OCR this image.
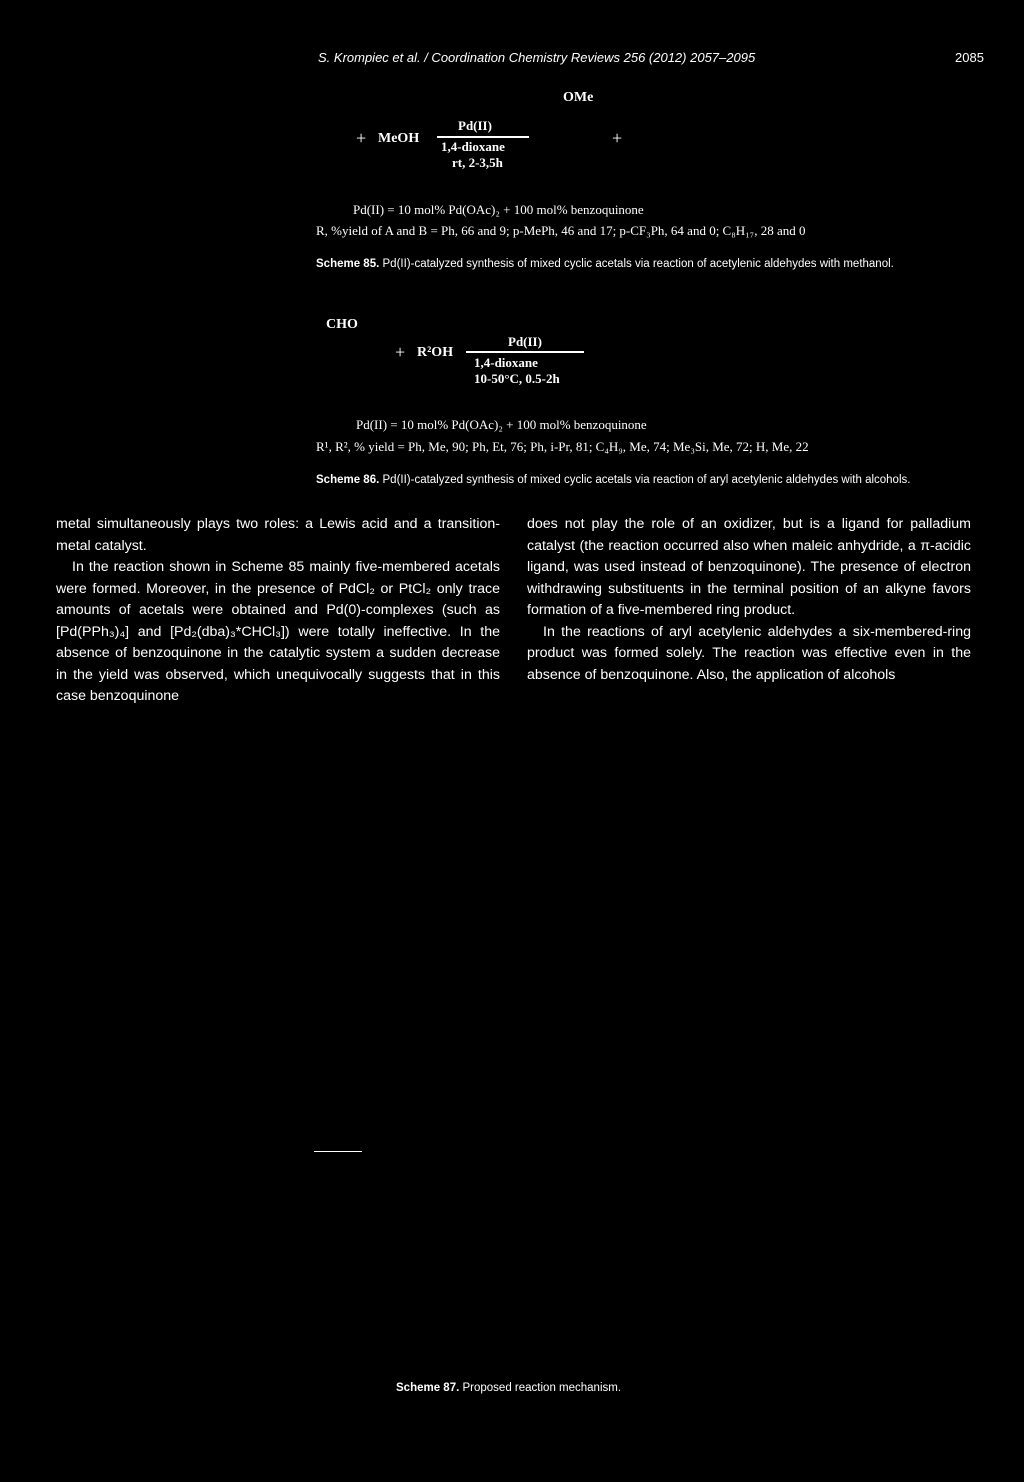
S. Krompiec et al. / Coordination Chemistry Reviews 256 (2012) 2057–2095	2085
OMe
+ MeOH
Pd(II)
1,4-dioxane
rt, 2-3,5h
+
Pd(II) = 10 mol% Pd(OAc)₂ + 100 mol% benzoquinone
R, %yield of A and B = Ph, 66 and 9; p-MePh, 46 and 17; p-CF₃Ph, 64 and 0; C₈H₁₇, 28 and 0
Scheme 85. Pd(II)-catalyzed synthesis of mixed cyclic acetals via reaction of acetylenic aldehydes with methanol.
CHO
+ R²OH
Pd(II)
1,4-dioxane
10-50°C, 0.5-2h
Pd(II) = 10 mol% Pd(OAc)₂ + 100 mol% benzoquinone
R¹, R², % yield = Ph, Me, 90; Ph, Et, 76; Ph, i-Pr, 81; C₄H₉, Me, 74; Me₃Si, Me, 72; H, Me, 22
Scheme 86. Pd(II)-catalyzed synthesis of mixed cyclic acetals via reaction of aryl acetylenic aldehydes with alcohols.

metal simultaneously plays two roles: a Lewis acid and a transition-metal catalyst.

In the reaction shown in Scheme 85 mainly five-membered acetals were formed. Moreover, in the presence of PdCl₂ or PtCl₂ only trace amounts of acetals were obtained and Pd(0)-complexes (such as [Pd(PPh₃)₄] and [Pd₂(dba)₃*CHCl₃]) were totally ineffective. In the absence of benzoquinone in the catalytic system a sudden decrease in the yield was observed, which unequivocally suggests that in this case benzoquinone

does not play the role of an oxidizer, but is a ligand for palladium catalyst (the reaction occurred also when maleic anhydride, a π-acidic ligand, was used instead of benzoquinone). The presence of electron withdrawing substituents in the terminal position of an alkyne favors formation of a five-membered ring product.

In the reactions of aryl acetylenic aldehydes a six-membered-ring product was formed solely. The reaction was effective even in the absence of benzoquinone. Also, the application of alcohols

Scheme 87. Proposed reaction mechanism.
